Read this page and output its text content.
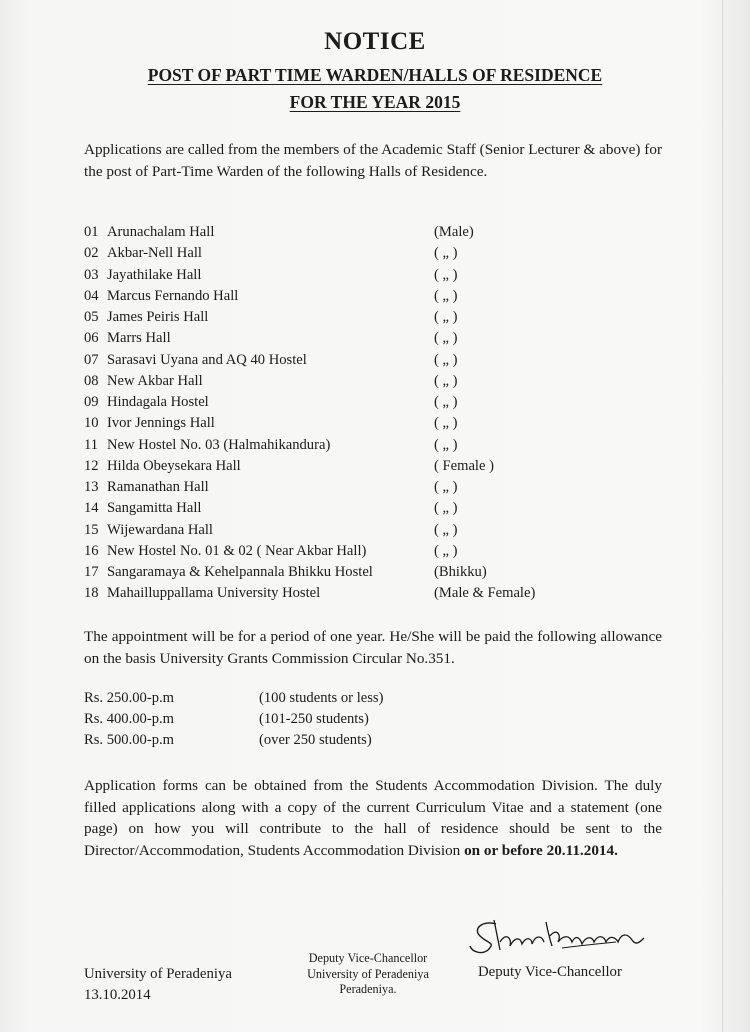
NOTICE
POST OF PART TIME WARDEN/HALLS OF RESIDENCE
FOR THE YEAR 2015
Applications are called from the members of the Academic Staff (Senior Lecturer & above) for the post of Part-Time Warden of the following Halls of Residence.
01 Arunachalam Hall	(Male)
02 Akbar-Nell Hall	( „ )
03 Jayathilake Hall	( „ )
04 Marcus Fernando Hall	( „ )
05 James Peiris Hall	( „ )
06 Marrs Hall	( „ )
07 Sarasavi Uyana and AQ 40 Hostel	( „ )
08 New Akbar Hall	( „ )
09 Hindagala Hostel	( „ )
10 Ivor Jennings Hall	( „ )
11 New Hostel No. 03 (Halmahikandura)	( „ )
12 Hilda Obeysekara Hall	( Female )
13 Ramanathan Hall	( „ )
14 Sangamitta Hall	( „ )
15 Wijewardana Hall	( „ )
16 New Hostel No. 01 & 02 ( Near Akbar Hall)	( „ )
17 Sangaramaya & Kehelpannala Bhikku Hostel	(Bhikku)
18 Mahailluppallama University Hostel	(Male & Female)
The appointment will be for a period of one year. He/She will be paid the following allowance on the basis University Grants Commission Circular No.351.
Rs. 250.00-p.m	(100 students or less)
Rs. 400.00-p.m	(101-250 students)
Rs. 500.00-p.m	(over 250 students)
Application forms can be obtained from the Students Accommodation Division. The duly filled applications along with a copy of the current Curriculum Vitae and a statement (one page) on how you will contribute to the hall of residence should be sent to the Director/Accommodation, Students Accommodation Division on or before 20.11.2014.
University of Peradeniya
13.10.2014
Deputy Vice-Chancellor
University of Peradeniya
Peradeniya.
Deputy Vice-Chancellor
